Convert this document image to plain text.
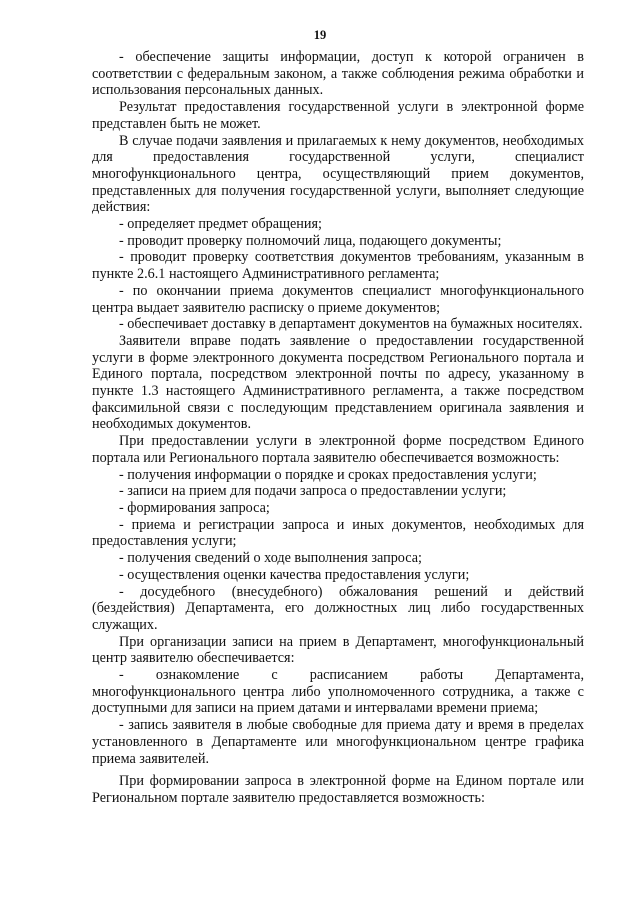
19

- обеспечение защиты информации, доступ к которой ограничен в соответствии с федеральным законом, а также соблюдения режима обработки и использования персональных данных.

Результат предоставления государственной услуги в электронной форме представлен быть не может.

В случае подачи заявления и прилагаемых к нему документов, необходимых для предоставления государственной услуги, специалист многофункционального центра, осуществляющий прием документов, представленных для получения государственной услуги, выполняет следующие действия:

- определяет предмет обращения;

- проводит проверку полномочий лица, подающего документы;

- проводит проверку соответствия документов требованиям, указанным в пункте 2.6.1 настоящего Административного регламента;

- по окончании приема документов специалист многофункционального центра выдает заявителю расписку о приеме документов;

- обеспечивает доставку в департамент документов на бумажных носителях.

Заявители вправе подать заявление о предоставлении государственной услуги в форме электронного документа посредством Регионального портала и Единого портала, посредством электронной почты по адресу, указанному в пункте 1.3 настоящего Административного регламента, а также посредством факсимильной связи с последующим представлением оригинала заявления и необходимых документов.

При предоставлении услуги в электронной форме посредством Единого портала или Регионального портала заявителю обеспечивается возможность:

- получения информации о порядке и сроках предоставления услуги;

- записи на прием для подачи запроса о предоставлении услуги;

- формирования запроса;

- приема и регистрации запроса и иных документов, необходимых для предоставления услуги;

- получения сведений о ходе выполнения запроса;

- осуществления оценки качества предоставления услуги;

- досудебного (внесудебного) обжалования решений и действий (бездействия) Департамента, его должностных лиц либо государственных служащих.

При организации записи на прием в Департамент, многофункциональный центр заявителю обеспечивается:

- ознакомление с расписанием работы Департамента, многофункционального центра либо уполномоченного сотрудника, а также с доступными для записи на прием датами и интервалами времени приема;

- запись заявителя в любые свободные для приема дату и время в пределах установленного в Департаменте или многофункциональном центре графика приема заявителей.

При формировании запроса в электронной форме на Едином портале или Региональном портале заявителю предоставляется возможность:
